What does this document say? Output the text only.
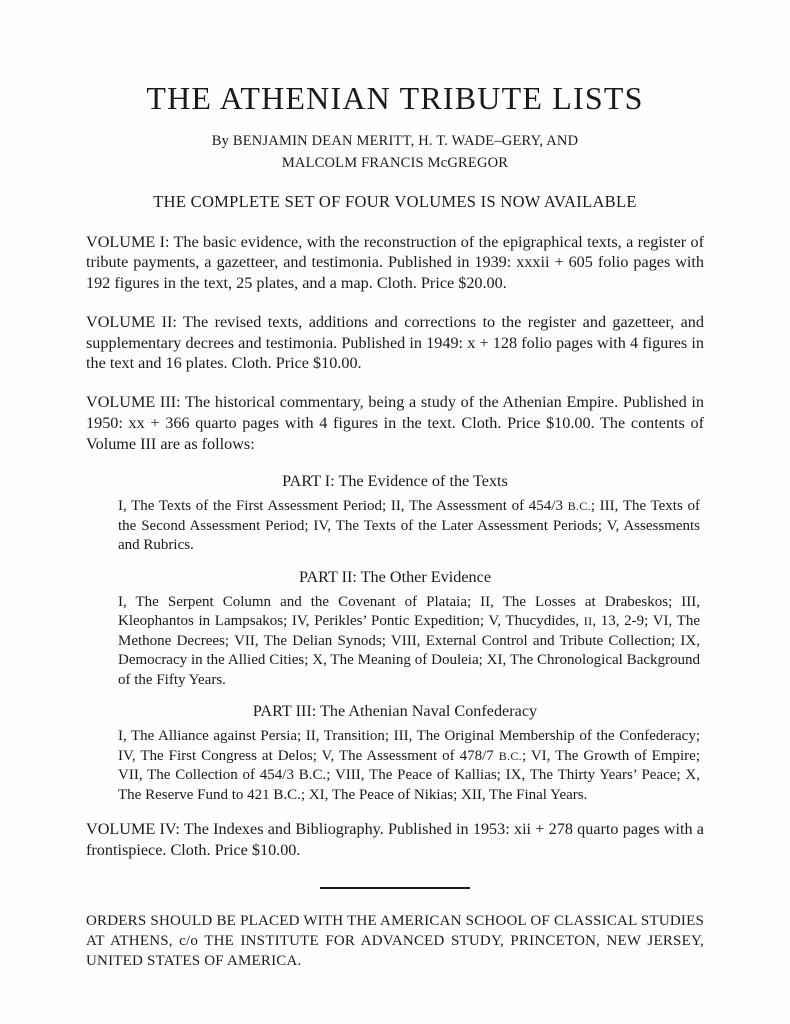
THE ATHENIAN TRIBUTE LISTS
By BENJAMIN DEAN MERITT, H. T. WADE–GERY, AND
MALCOLM FRANCIS McGREGOR
THE COMPLETE SET OF FOUR VOLUMES IS NOW AVAILABLE

VOLUME I: The basic evidence, with the reconstruction of the epigraphical texts, a register of tribute payments, a gazetteer, and testimonia. Published in 1939: xxxii + 605 folio pages with 192 figures in the text, 25 plates, and a map. Cloth. Price $20.00.

VOLUME II: The revised texts, additions and corrections to the register and gazetteer, and supplementary decrees and testimonia. Published in 1949: x + 128 folio pages with 4 figures in the text and 16 plates. Cloth. Price $10.00.

VOLUME III: The historical commentary, being a study of the Athenian Empire. Published in 1950: xx + 366 quarto pages with 4 figures in the text. Cloth. Price $10.00. The contents of Volume III are as follows:

PART I: The Evidence of the Texts

I, The Texts of the First Assessment Period; II, The Assessment of 454/3 B.C.; III, The Texts of the Second Assessment Period; IV, The Texts of the Later Assessment Periods; V, Assessments and Rubrics.

PART II: The Other Evidence

I, The Serpent Column and the Covenant of Plataia; II, The Losses at Drabeskos; III, Kleophantos in Lampsakos; IV, Perikles’ Pontic Expedition; V, Thucydides, II, 13, 2-9; VI, The Methone Decrees; VII, The Delian Synods; VIII, External Control and Tribute Collection; IX, Democracy in the Allied Cities; X, The Meaning of Douleia; XI, The Chronological Background of the Fifty Years.

PART III: The Athenian Naval Confederacy

I, The Alliance against Persia; II, Transition; III, The Original Membership of the Confederacy; IV, The First Congress at Delos; V, The Assessment of 478/7 B.C.; VI, The Growth of Empire; VII, The Collection of 454/3 B.C.; VIII, The Peace of Kallias; IX, The Thirty Years’ Peace; X, The Reserve Fund to 421 B.C.; XI, The Peace of Nikias; XII, The Final Years.

VOLUME IV: The Indexes and Bibliography. Published in 1953: xii + 278 quarto pages with a frontispiece. Cloth. Price $10.00.

ORDERS SHOULD BE PLACED WITH THE AMERICAN SCHOOL OF CLASSICAL STUDIES AT ATHENS, c/o THE INSTITUTE FOR ADVANCED STUDY, PRINCETON, NEW JERSEY, UNITED STATES OF AMERICA.
